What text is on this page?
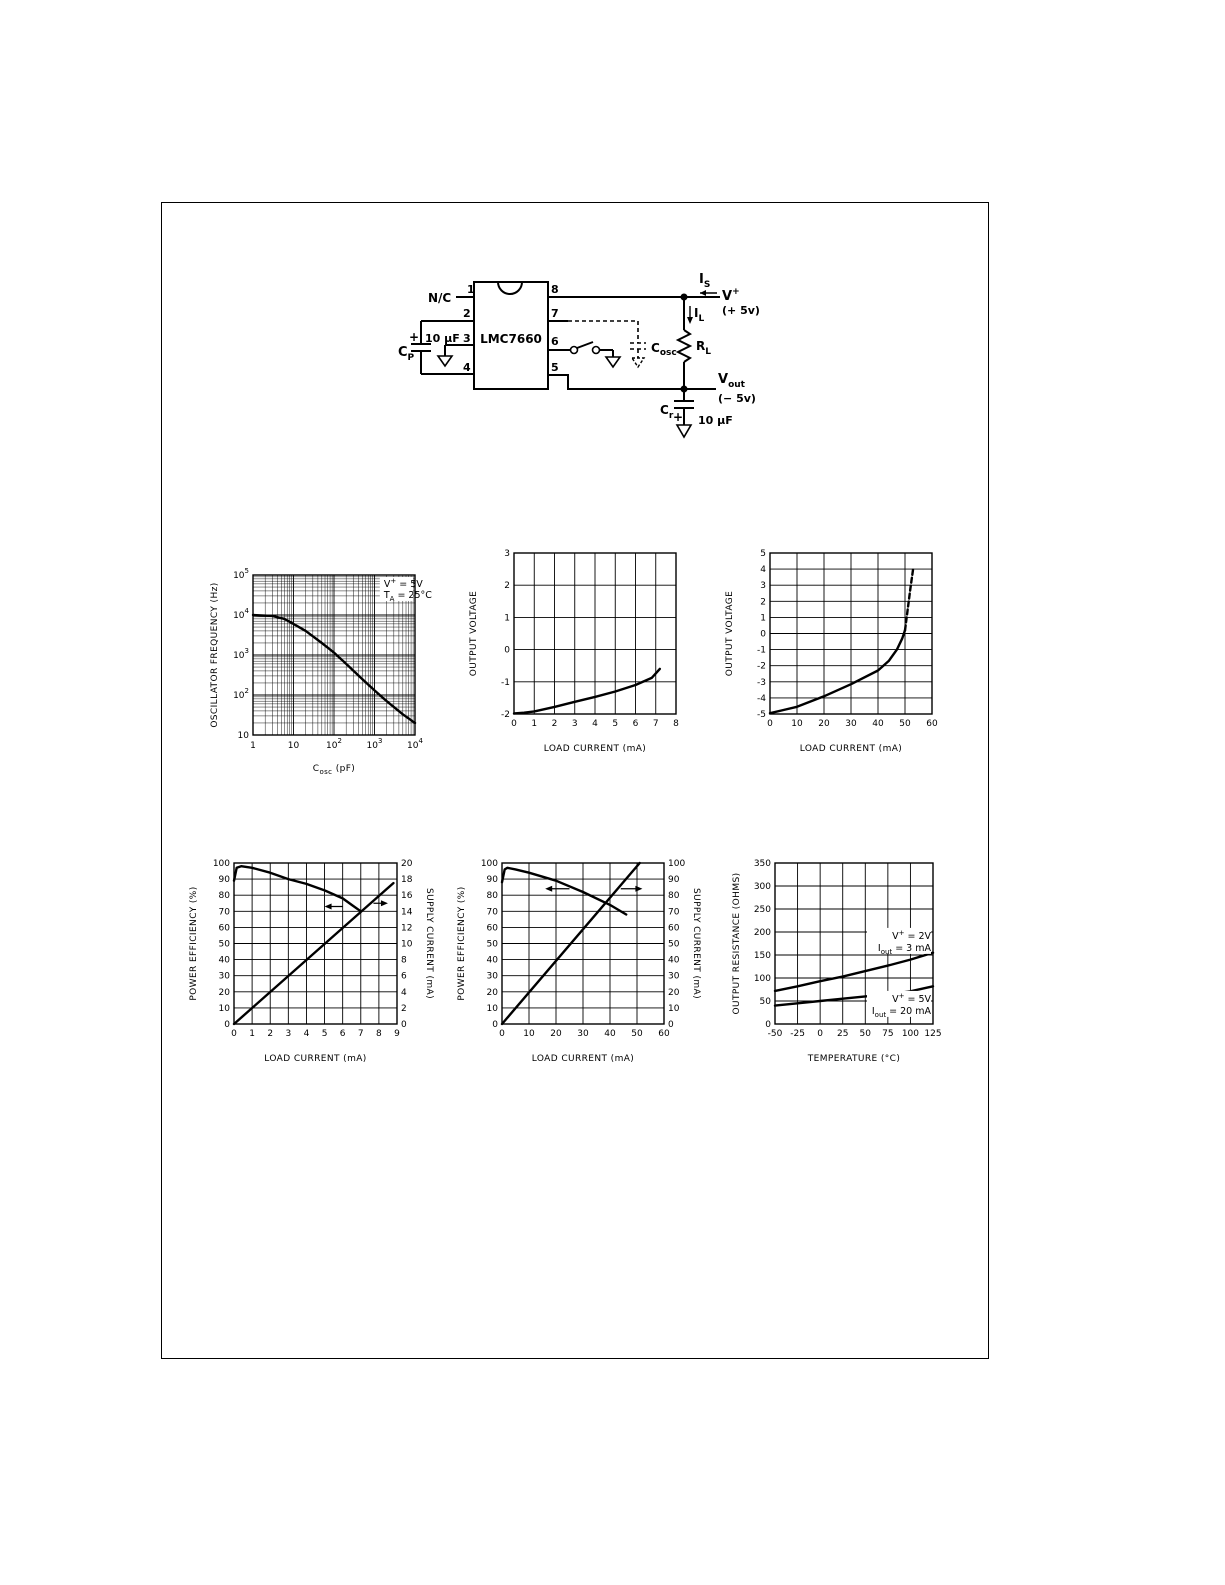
LMC7660
1
2
3
4
8
7
6
5
N/C
+
$C_P$
10 μF
$C_{osc}$
$I_S$
$I_L$
$R_L$
V+
(+ 5v)
$V_{out}$
(− 5v)
+
$C_r$ 10 μF
1	10	$10^2$	$10^3$	$10^4$
10
$10^2$
$10^3$
$10^4$
$10^5$
$C_{osc}$ (pF)
OSCILLATOR FREQUENCY (Hz)	V+ = 5V
$T_A = 25^\circ C$
0 1 2 3 4 5 6 7 8
-2
-1
0
1
2
3
LOAD CURRENT (mA)
OUTPUT VOLTAGE
0 10 20 30 40 50 60
-5
-4
-3
-2
-1
0
1
2
3
4
5
LOAD CURRENT (mA)
OUTPUT VOLTAGE
0 1 2 3 4 5 6 7 8 9
0
10
20
30
40
50
60
70
80
90
100
0
2
4
6
8
10
12
14
16
18
20
LOAD CURRENT (mA)
POWER EFFICIENCY (%)	SUPPLY CURRENT (mA)
0 10 20 30 40 50 60
0
10
20
30
40
50
60
70
80
90
100
0
10
20
30
40
50
60
70
80
90
100
LOAD CURRENT (mA)
POWER EFFICIENCY (%)	SUPPLY CURRENT (mA)
-50 -25 0 25 50 75 100 125
0
50
100
150
200
250
300
350
TEMPERATURE (°C)
OUTPUT RESISTANCE (OHMS)	V+ = 2V
$I_{out} = 3$ mA
V+ = 5V
$I_{out} = 20$ mA
